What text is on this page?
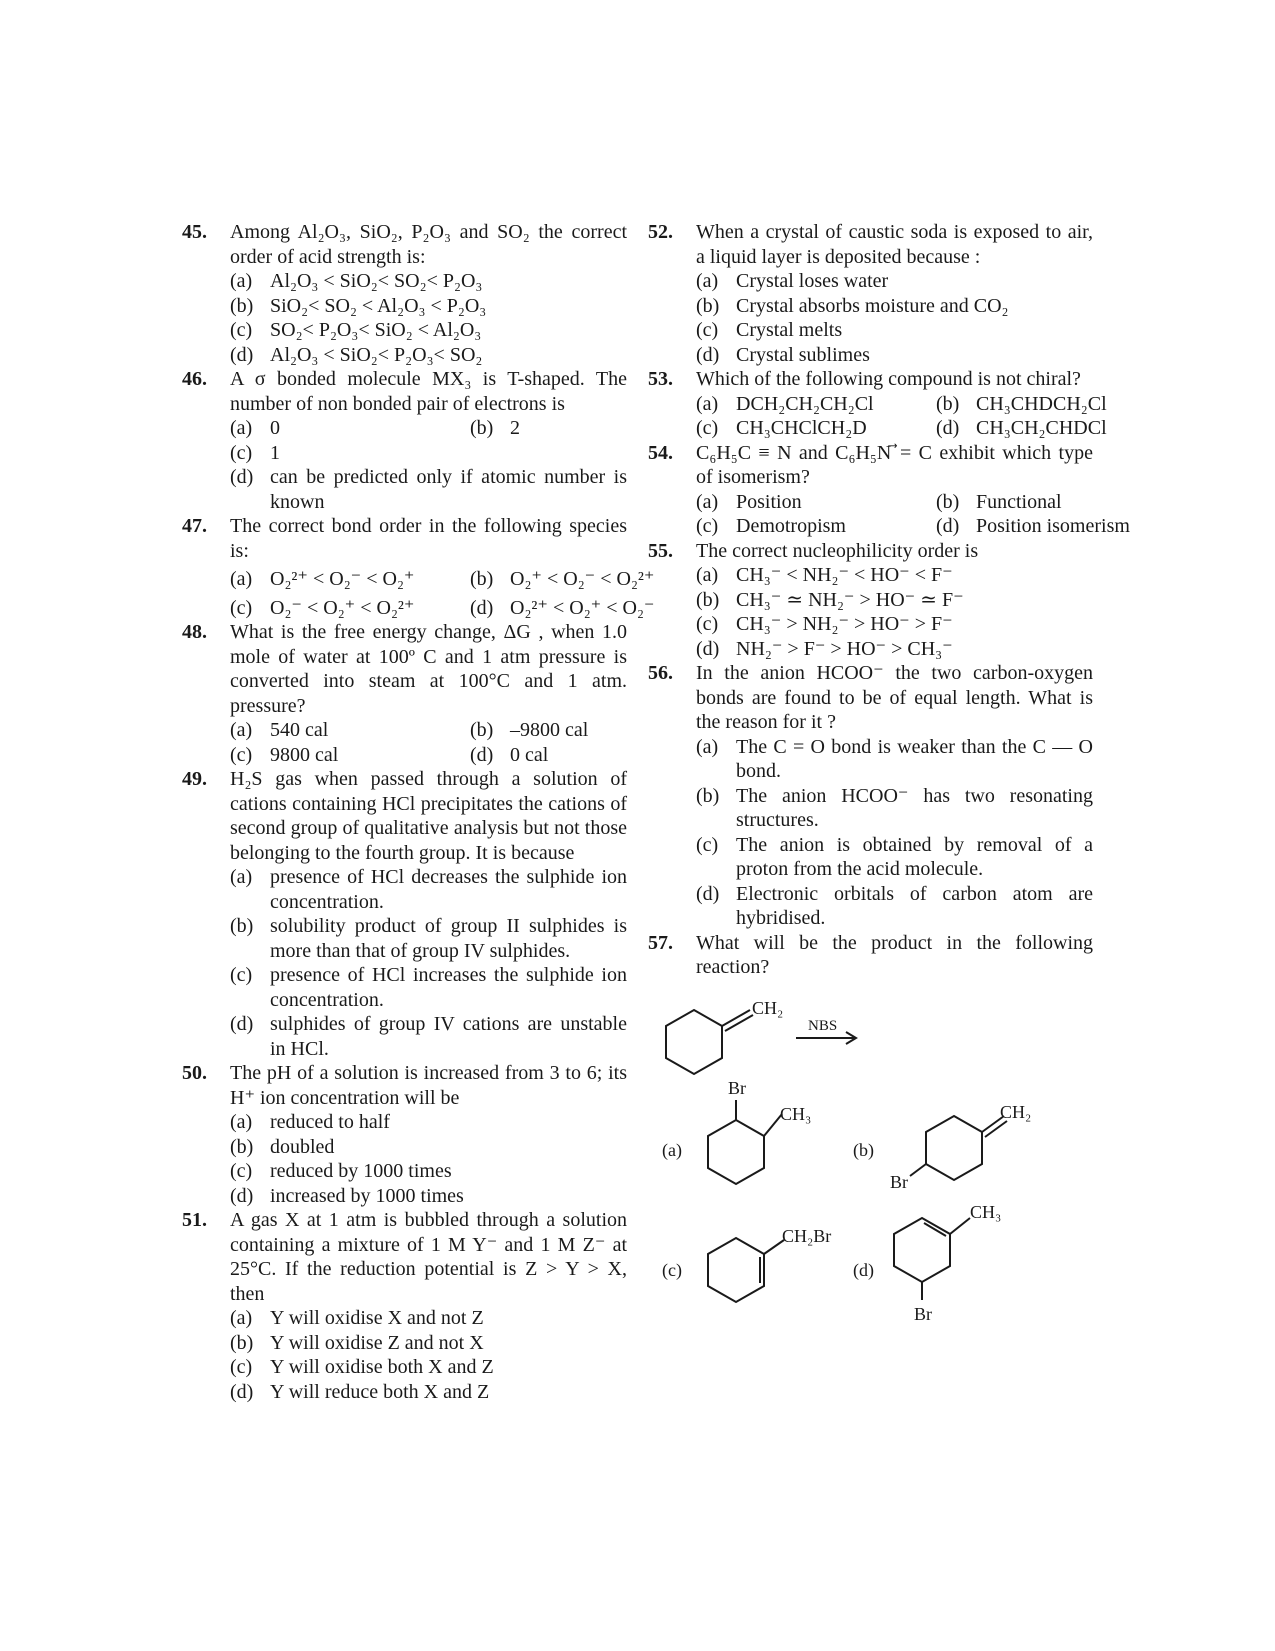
45. Among Al₂O₃, SiO₂, P₂O₃ and SO₂ the correct order of acid strength is:
(a) Al₂O₃ < SiO₂< SO₂< P₂O₃
(b) SiO₂< SO₂ < Al₂O₃ < P₂O₃
(c) SO₂< P₂O₃< SiO₂ < Al₂O₃
(d) Al₂O₃ < SiO₂< P₂O₃< SO₂
46. A σ bonded molecule MX₃ is T-shaped. The number of non bonded pair of electrons is
(a) 0	(b) 2
(c) 1
(d) can be predicted only if atomic number is known
47. The correct bond order in the following species is:
(a) O₂²⁺ < O₂⁻ < O₂⁺	(b) O₂⁺ < O₂⁻ < O₂²⁺
(c) O₂⁻ < O₂⁺ < O₂²⁺	(d) O₂²⁺ < O₂⁺ < O₂⁻
48. What is the free energy change, ΔG , when 1.0 mole of water at 100º C and 1 atm pressure is converted into steam at 100°C and 1 atm. pressure?
(a) 540 cal	(b) –9800 cal
(c) 9800 cal	(d) 0 cal
49. H₂S gas when passed through a solution of cations containing HCl precipitates the cations of second group of qualitative analysis but not those belonging to the fourth group. It is because
(a) presence of HCl decreases the sulphide ion concentration.
(b) solubility product of group II sulphides is more than that of group IV sulphides.
(c) presence of HCl increases the sulphide ion concentration.
(d) sulphides of group IV cations are unstable in HCl.
50. The pH of a solution is increased from 3 to 6; its H⁺ ion concentration will be
(a) reduced to half
(b) doubled
(c) reduced by 1000 times
(d) increased by 1000 times
51. A gas X at 1 atm is bubbled through a solution containing a mixture of 1 M Y⁻ and 1 M Z⁻ at 25°C. If the reduction potential is Z > Y > X, then
(a) Y will oxidise X and not Z
(b) Y will oxidise Z and not X
(c) Y will oxidise both X and Z
(d) Y will reduce both X and Z
52. When a crystal of caustic soda is exposed to air, a liquid layer is deposited because :
(a) Crystal loses water
(b) Crystal absorbs moisture and CO₂
(c) Crystal melts
(d) Crystal sublimes
53. Which of the following compound is not chiral?
(a) DCH₂CH₂CH₂Cl	(b) CH₃CHDCH₂Cl
(c) CH₃CHClCH₂D	(d) CH₃CH₂CHDCl
54. C₆H₅C ≡ N and C₆H₅N ⃗= C exhibit which type of isomerism?
(a) Position	(b) Functional
(c) Demotropism	(d) Position isomerism
55. The correct nucleophilicity order is
(a) CH₃⁻ < NH₂⁻ < HO⁻ < F⁻
(b) CH₃⁻ ≃ NH₂⁻ > HO⁻ ≃ F⁻
(c) CH₃⁻ > NH₂⁻ > HO⁻ > F⁻
(d) NH₂⁻ > F⁻ > HO⁻ > CH₃⁻
56. In the anion HCOO⁻ the two carbon-oxygen bonds are found to be of equal length. What is the reason for it ?
(a) The C = O bond is weaker than the C — O bond.
(b) The anion HCOO⁻ has two resonating structures.
(c) The anion is obtained by removal of a proton from the acid molecule.
(d) Electronic orbitals of carbon atom are hybridised.
57. What will be the product in the following reaction?
CH₂
NBS
(a)
Br
CH₃
(b)
CH₂
Br
(c)
CH₂Br
(d)
CH₃
Br
